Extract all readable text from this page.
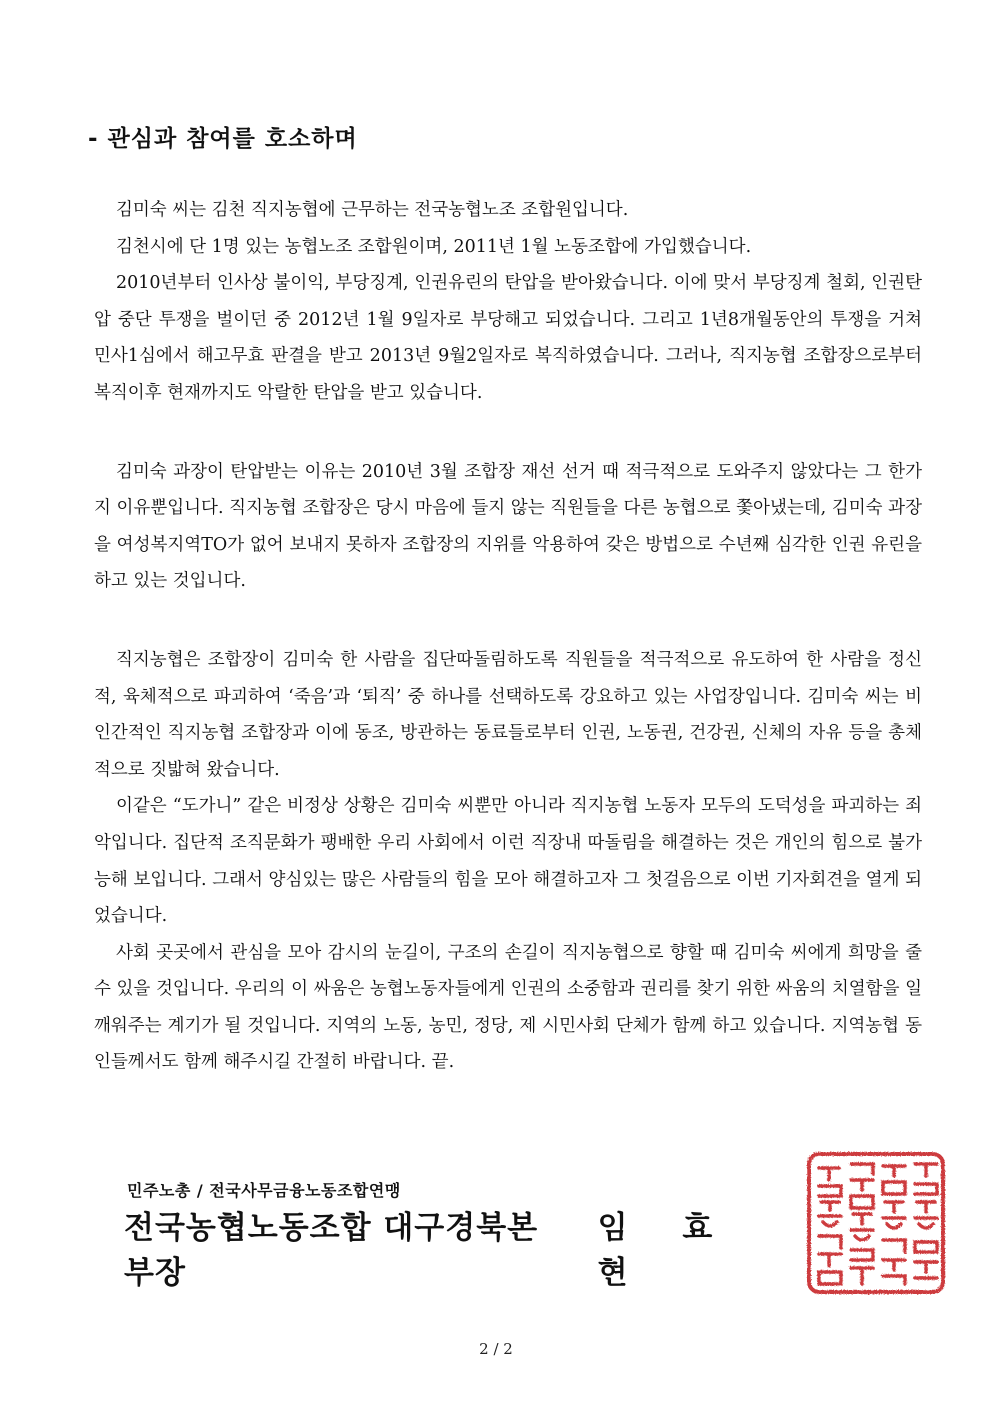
- 관심과 참여를 호소하며

김미숙 씨는 김천 직지농협에 근무하는 전국농협노조 조합원입니다.

김천시에 단 1명 있는 농협노조 조합원이며, 2011년 1월 노동조합에 가입했습니다.

2010년부터 인사상 불이익, 부당징계, 인권유린의 탄압을 받아왔습니다. 이에 맞서 부당징계 철회, 인권탄압 중단 투쟁을 벌이던 중 2012년 1월 9일자로 부당해고 되었습니다. 그리고 1년8개월동안의 투쟁을 거쳐 민사1심에서 해고무효 판결을 받고 2013년 9월2일자로 복직하였습니다. 그러나, 직지농협 조합장으로부터 복직이후 현재까지도 악랄한 탄압을 받고 있습니다.

김미숙 과장이 탄압받는 이유는 2010년 3월 조합장 재선 선거 때 적극적으로 도와주지 않았다는 그 한가지 이유뿐입니다. 직지농협 조합장은 당시 마음에 들지 않는 직원들을 다른 농협으로 쫓아냈는데, 김미숙 과장을 여성복지역TO가 없어 보내지 못하자 조합장의 지위를 악용하여 갖은 방법으로 수년째 심각한 인권 유린을 하고 있는 것입니다.

직지농협은 조합장이 김미숙 한 사람을 집단따돌림하도록 직원들을 적극적으로 유도하여 한 사람을 정신적, 육체적으로 파괴하여 ‘죽음’과 ‘퇴직’ 중 하나를 선택하도록 강요하고 있는 사업장입니다. 김미숙 씨는 비인간적인 직지농협 조합장과 이에 동조, 방관하는 동료들로부터 인권, 노동권, 건강권, 신체의 자유 등을 총체적으로 짓밟혀 왔습니다.

이같은 “도가니” 같은 비정상 상황은 김미숙 씨뿐만 아니라 직지농협 노동자 모두의 도덕성을 파괴하는 죄악입니다. 집단적 조직문화가 팽배한 우리 사회에서 이런 직장내 따돌림을 해결하는 것은 개인의 힘으로 불가능해 보입니다. 그래서 양심있는 많은 사람들의 힘을 모아 해결하고자 그 첫걸음으로 이번 기자회견을 열게 되었습니다.

사회 곳곳에서 관심을 모아 감시의 눈길이, 구조의 손길이 직지농협으로 향할 때 김미숙 씨에게 희망을 줄 수 있을 것입니다. 우리의 이 싸움은 농협노동자들에게 인권의 소중함과 권리를 찾기 위한 싸움의 치열함을 일깨워주는 계기가 될 것입니다. 지역의 노동, 농민, 정당, 제 시민사회 단체가 함께 하고 있습니다. 지역농협 동인들께서도 함께 해주시길 간절히 바랍니다. 끝.

민주노총 / 전국사무금융노동조합연맹
전국농협노동조합 대구경북본부장
임 효 현
2 / 2
